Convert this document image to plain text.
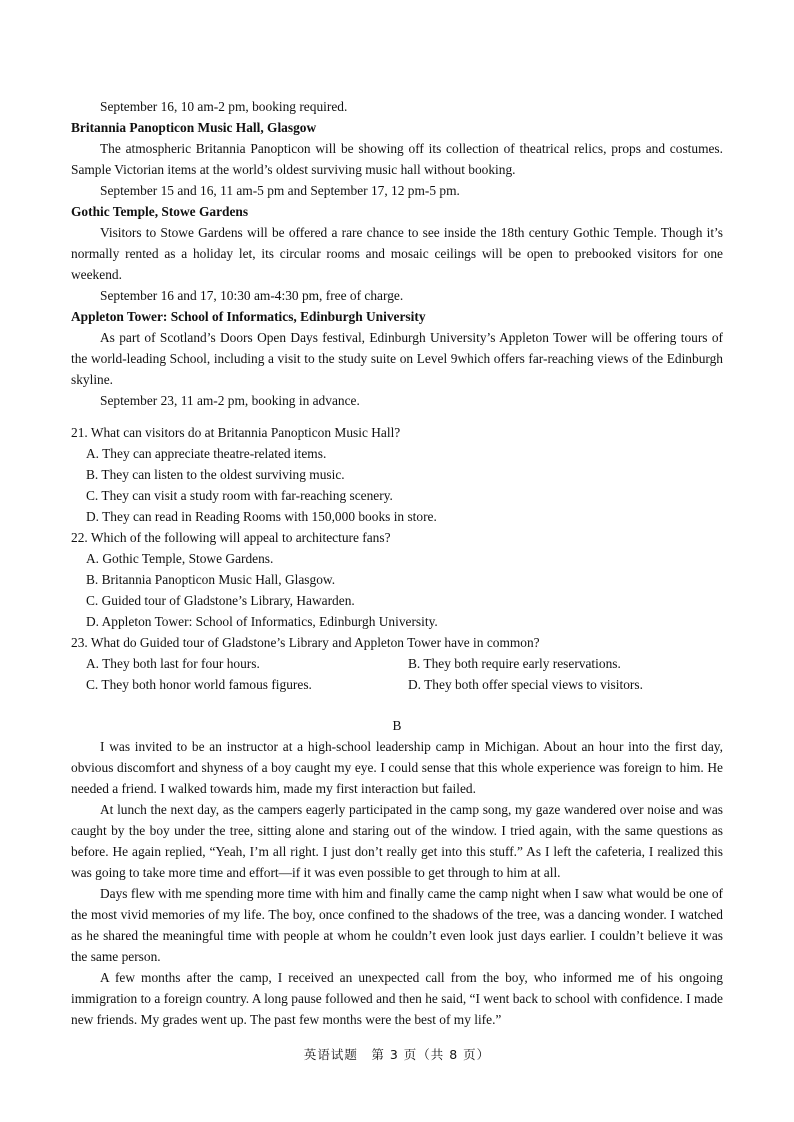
September 16, 10 am-2 pm, booking required.

Britannia Panopticon Music Hall, Glasgow

The atmospheric Britannia Panopticon will be showing off its collection of theatrical relics, props and costumes. Sample Victorian items at the world’s oldest surviving music hall without booking.

September 15 and 16, 11 am-5 pm and September 17, 12 pm-5 pm.

Gothic Temple, Stowe Gardens

Visitors to Stowe Gardens will be offered a rare chance to see inside the 18th century Gothic Temple. Though it’s normally rented as a holiday let, its circular rooms and mosaic ceilings will be open to prebooked visitors for one weekend.

September 16 and 17, 10:30 am-4:30 pm, free of charge.

Appleton Tower: School of Informatics, Edinburgh University

As part of Scotland’s Doors Open Days festival, Edinburgh University’s Appleton Tower will be offering tours of the world-leading School, including a visit to the study suite on Level 9which offers far-reaching views of the Edinburgh skyline.

September 23, 11 am-2 pm, booking in advance.

21. What can visitors do at Britannia Panopticon Music Hall?

A. They can appreciate theatre-related items.

B. They can listen to the oldest surviving music.

C. They can visit a study room with far-reaching scenery.

D. They can read in Reading Rooms with 150,000 books in store.

22. Which of the following will appeal to architecture fans?

A. Gothic Temple, Stowe Gardens.

B. Britannia Panopticon Music Hall, Glasgow.

C. Guided tour of Gladstone’s Library, Hawarden.

D. Appleton Tower: School of Informatics, Edinburgh University.

23. What do Guided tour of Gladstone’s Library and Appleton Tower have in common?

A. They both last for four hours.	B. They both require early reservations.
C. They both honor world famous figures.	D. They both offer special views to visitors.

B

I was invited to be an instructor at a high-school leadership camp in Michigan. About an hour into the first day, obvious discomfort and shyness of a boy caught my eye. I could sense that this whole experience was foreign to him. He needed a friend. I walked towards him, made my first interaction but failed.

At lunch the next day, as the campers eagerly participated in the camp song, my gaze wandered over noise and was caught by the boy under the tree, sitting alone and staring out of the window. I tried again, with the same questions as before. He again replied, “Yeah, I’m all right. I just don’t really get into this stuff.” As I left the cafeteria, I realized this was going to take more time and effort—if it was even possible to get through to him at all.

Days flew with me spending more time with him and finally came the camp night when I saw what would be one of the most vivid memories of my life. The boy, once confined to the shadows of the tree, was a dancing wonder. I watched as he shared the meaningful time with people at whom he couldn’t even look just days earlier. I couldn’t believe it was the same person.

A few months after the camp, I received an unexpected call from the boy, who informed me of his ongoing immigration to a foreign country. A long pause followed and then he said, “I went back to school with confidence. I made new friends. My grades went up. The past few months were the best of my life.”

英语试题　第 3 页（共 8 页）
